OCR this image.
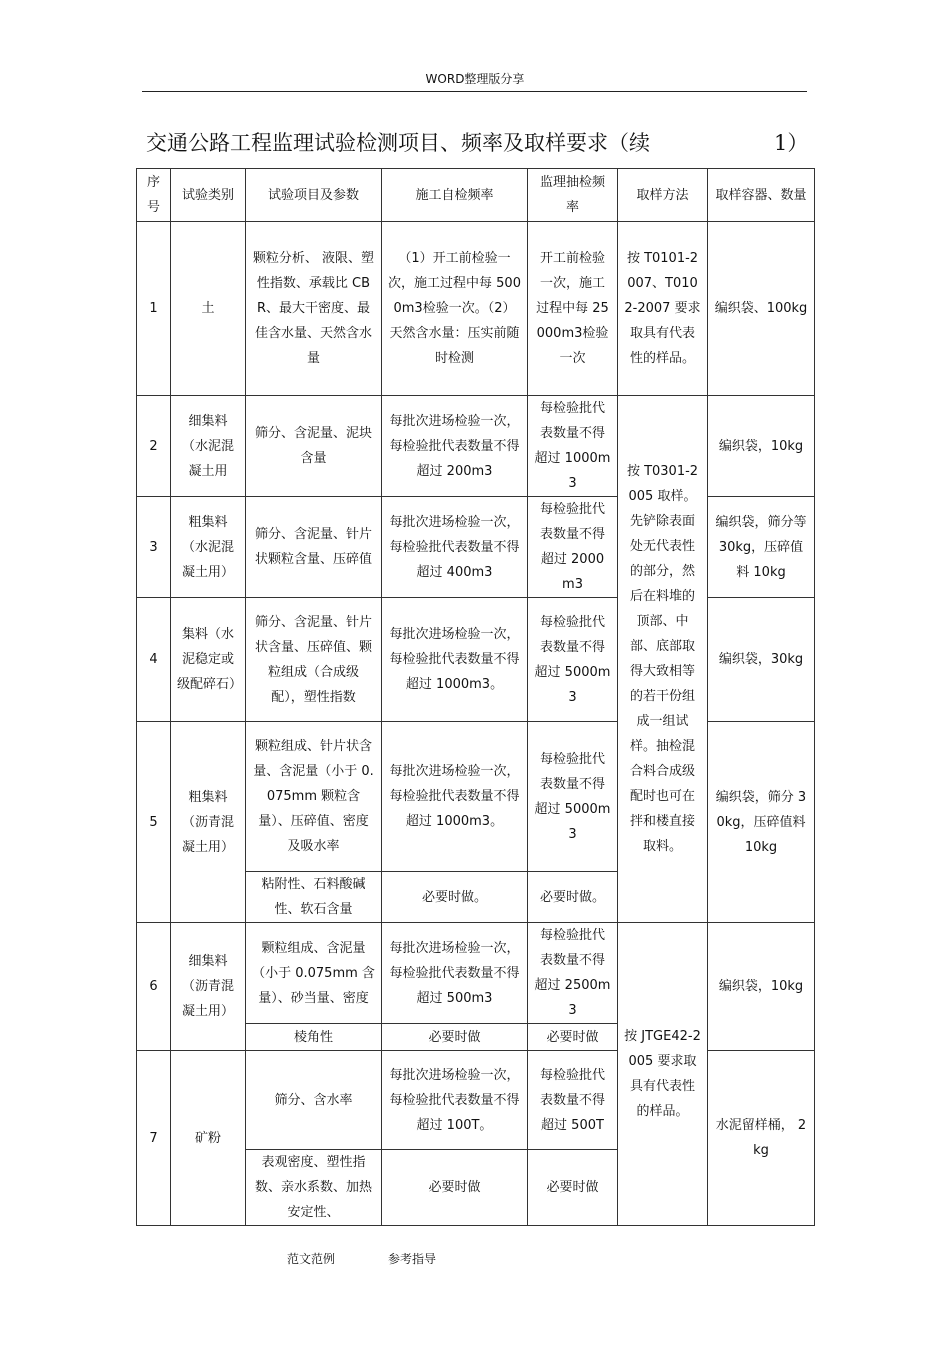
WORD整理版分享
交通公路工程监理试验检测项目、频率及取样要求（续	1）
序号	试验类别	试验项目及参数	施工自检频率	监理抽检频率	取样方法	取样容器、数量
1	土	颗粒分析、 液限、塑性指数、承载比 CBR、最大干密度、最佳含水量、天然含水量	（1）开工前检验一次，施工过程中每 5000m3检验一次。（2）天然含水量：压实前随时检测	开工前检验一次，施工过程中每 25000m3检验一次	按 T0101-2007、T0102-2007 要求取具有代表性的样品。	编织袋、100kg
2	细集料（水泥混凝土用	筛分、含泥量、泥块含量	每批次进场检验一次，每检验批代表数量不得超过 200m3	每检验批代表数量不得超过 1000m3	按 T0301-2005 取样。先铲除表面处无代表性的部分，然后在料堆的顶部、中部、底部取得大致相等的若干份组成一组试样。抽检混合料合成级配时也可在拌和楼直接取料。	编织袋，10kg
3	粗集料（水泥混凝土用）	筛分、含泥量、针片状颗粒含量、压碎值	每批次进场检验一次，每检验批代表数量不得超过 400m3	每检验批代表数量不得超过 2000 m3		编织袋，筛分等 30kg，压碎值料 10kg
4	集料（水泥稳定或级配碎石）	筛分、含泥量、针片状含量、压碎值、颗粒组成（合成级配），塑性指数	每批次进场检验一次，每检验批代表数量不得超过 1000m3。	每检验批代表数量不得超过 5000m3		编织袋，30kg
5	粗集料（沥青混凝土用）	颗粒组成、针片状含量、含泥量（小于 0.075mm 颗粒含量）、压碎值、密度及吸水率	每批次进场检验一次，每检验批代表数量不得超过 1000m3。	每检验批代表数量不得超过 5000m3		编织袋，筛分 30kg，压碎值料 10kg
		粘附性、石料酸碱性、软石含量	必要时做。	必要时做。		
6	细集料（沥青混凝土用）	颗粒组成、含泥量（小于 0.075mm 含量）、砂当量、密度	每批次进场检验一次，每检验批代表数量不得超过 500m3	每检验批代表数量不得超过 2500m3	按 JTGE42-2005 要求取具有代表性的样品。	编织袋，10kg
		棱角性	必要时做	必要时做		
7	矿粉	筛分、含水率	每批次进场检验一次，每检验批代表数量不得超过 100T。	每检验批代表数量不得超过 500T		水泥留样桶， 2kg
		表观密度、塑性指数、亲水系数、加热安定性、	必要时做	必要时做		
范文范例	参考指导
